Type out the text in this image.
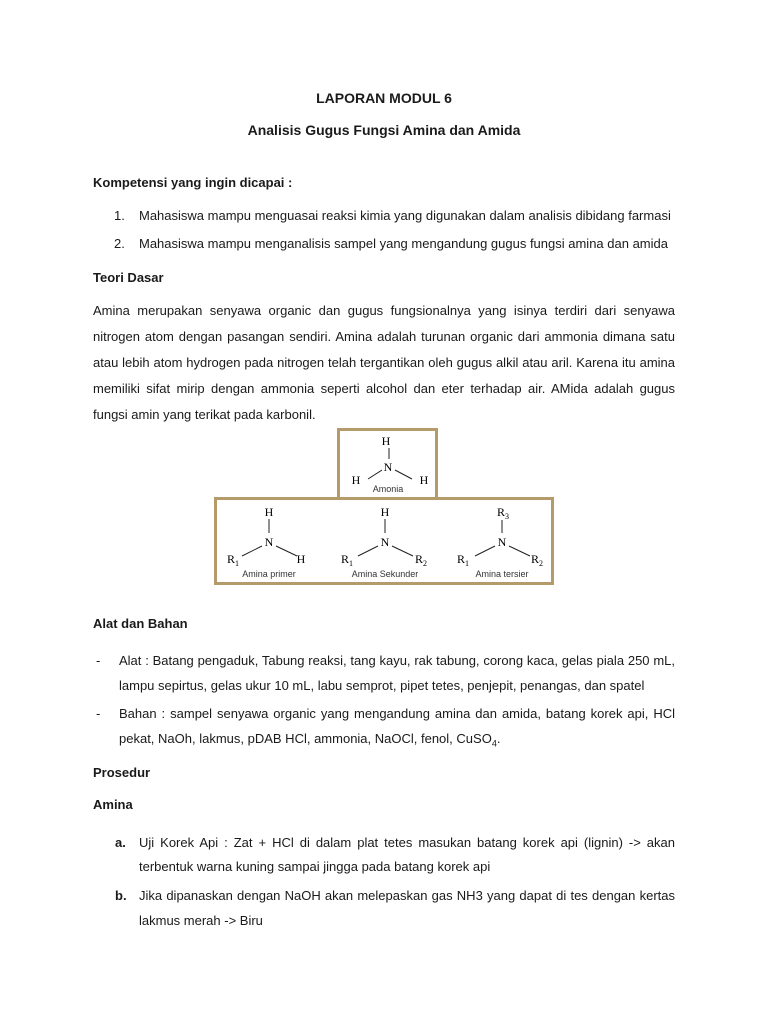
LAPORAN MODUL 6
Analisis Gugus Fungsi Amina dan Amida
Kompetensi yang ingin dicapai :
1. Mahasiswa mampu menguasai reaksi kimia yang digunakan dalam analisis dibidang farmasi
2. Mahasiswa mampu menganalisis sampel yang mengandung gugus fungsi amina dan amida
Teori Dasar
Amina merupakan senyawa organic dan gugus fungsionalnya yang isinya terdiri dari senyawa nitrogen atom dengan pasangan sendiri. Amina adalah turunan organic dari ammonia dimana satu atau lebih atom hydrogen pada nitrogen telah tergantikan oleh gugus alkil atau aril. Karena itu amina memiliki sifat mirip dengan ammonia seperti alcohol dan eter terhadap air. AMida adalah gugus fungsi amin yang terikat pada karbonil.
H
N
H	H
Amonia
H
N
$R_1$	H
Amina primer
H
N
$R_1$	$R_2$
Amina Sekunder
$R_3$
N
$R_1$	$R_2$
Amina tersier
Alat dan Bahan
- Alat : Batang pengaduk, Tabung reaksi, tang kayu, rak tabung, corong kaca, gelas piala 250 mL,
lampu sepirtus, gelas ukur 10 mL, labu semprot, pipet tetes, penjepit, penangas, dan spatel
- Bahan : sampel senyawa organic yang mengandung amina dan amida, batang korek api, HCl
pekat, NaOh, lakmus, pDAB HCl, ammonia, NaOCl, fenol, CuSO$_4$.
Prosedur
Amina
a. Uji Korek Api : Zat + HCl di dalam plat tetes masukan batang korek api (lignin) -> akan
terbentuk warna kuning sampai jingga pada batang korek api
b. Jika dipanaskan dengan NaOH akan melepaskan gas NH3 yang dapat di tes dengan kertas
lakmus merah -> Biru
